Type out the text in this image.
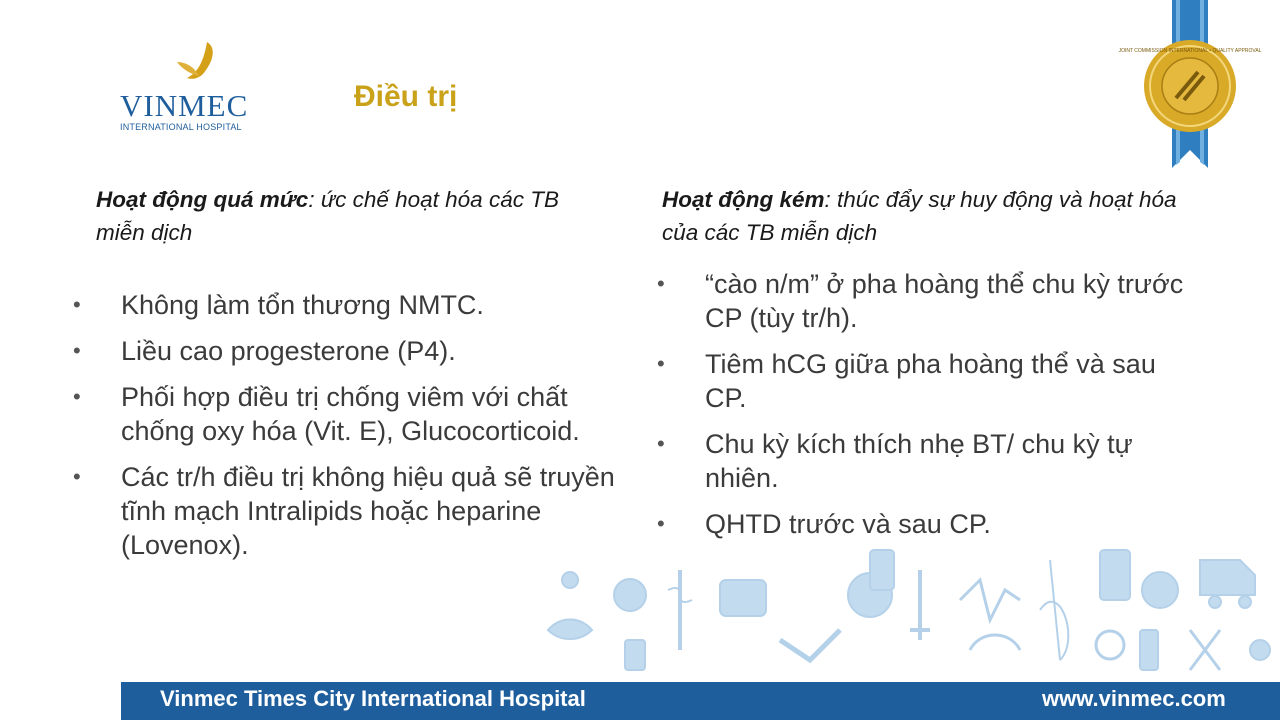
VINMEC
INTERNATIONAL HOSPITAL
Điều trị
JOINT COMMISSION INTERNATIONAL • QUALITY APPROVAL
Hoạt động quá mức: ức chế hoạt hóa các TB miễn dịch
Hoạt động kém: thúc đẩy sự huy động và hoạt hóa của các TB miễn dịch
• Không làm tổn thương NMTC.
• Liều cao progesterone (P4).
• Phối hợp điều trị chống viêm với chất chống oxy hóa (Vit. E), Glucocorticoid.
• Các tr/h điều trị không hiệu quả sẽ truyền tĩnh mạch Intralipids hoặc heparine (Lovenox).
• “cào n/m” ở pha hoàng thể chu kỳ trước CP (tùy tr/h).
• Tiêm hCG giữa pha hoàng thể và sau CP.
• Chu kỳ kích thích nhẹ BT/ chu kỳ tự nhiên.
• QHTD trước và sau CP.
Vinmec Times City International Hospital	www.vinmec.com
